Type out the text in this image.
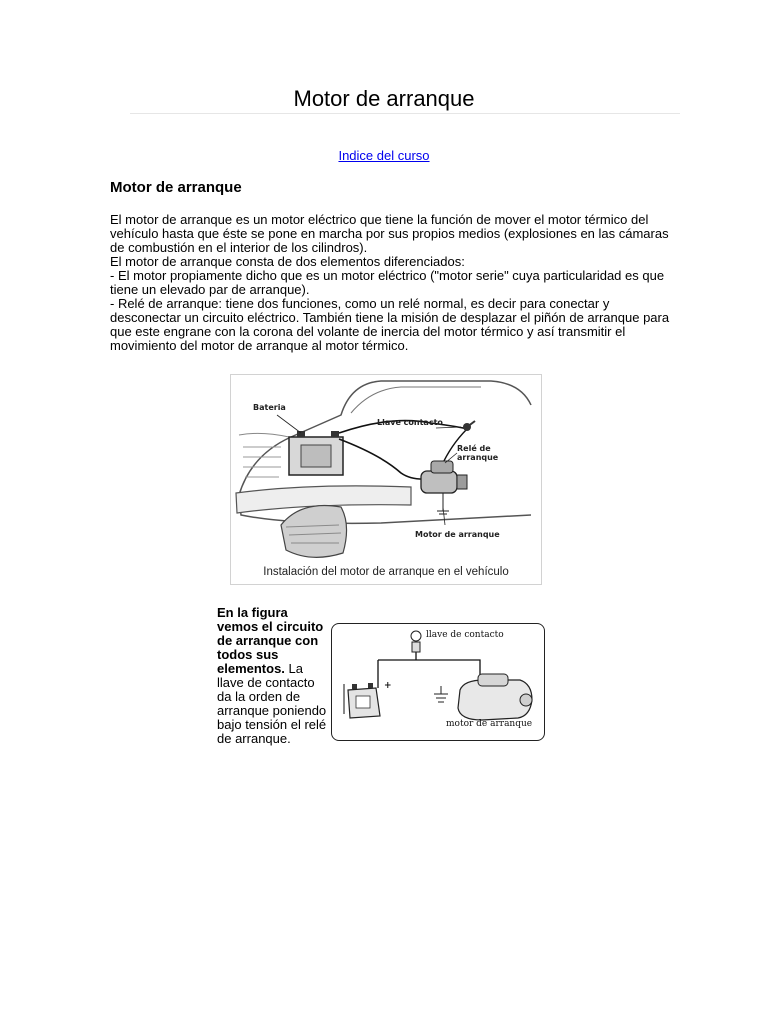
Motor de arranque
Indice del curso
Motor de arranque
El motor de arranque es un motor eléctrico que tiene la función de mover el motor térmico del vehículo hasta que éste se pone en marcha por sus propios medios (explosiones en las cámaras de combustión en el interior de los cilindros).
El motor de arranque consta de dos elementos diferenciados:
- El motor propiamente dicho que es un motor eléctrico ("motor serie" cuya particularidad es que tiene un elevado par de arranque).
- Relé de arranque: tiene dos funciones, como un relé normal, es decir para conectar y desconectar un circuito eléctrico. También tiene la misión de desplazar el piñón de arranque para que este engrane con la corona del volante de inercia del motor térmico y así transmitir el movimiento del motor de arranque al motor térmico.
Bateria
Llave contacto
Relé de
arranque
Motor de arranque
Instalación del motor de arranque en el vehículo

En la figura vemos el circuito de arranque con todos sus elementos. La llave de contacto da la orden de arranque poniendo bajo tensión el relé de arranque.

llave de contacto
motor de arranque
+
